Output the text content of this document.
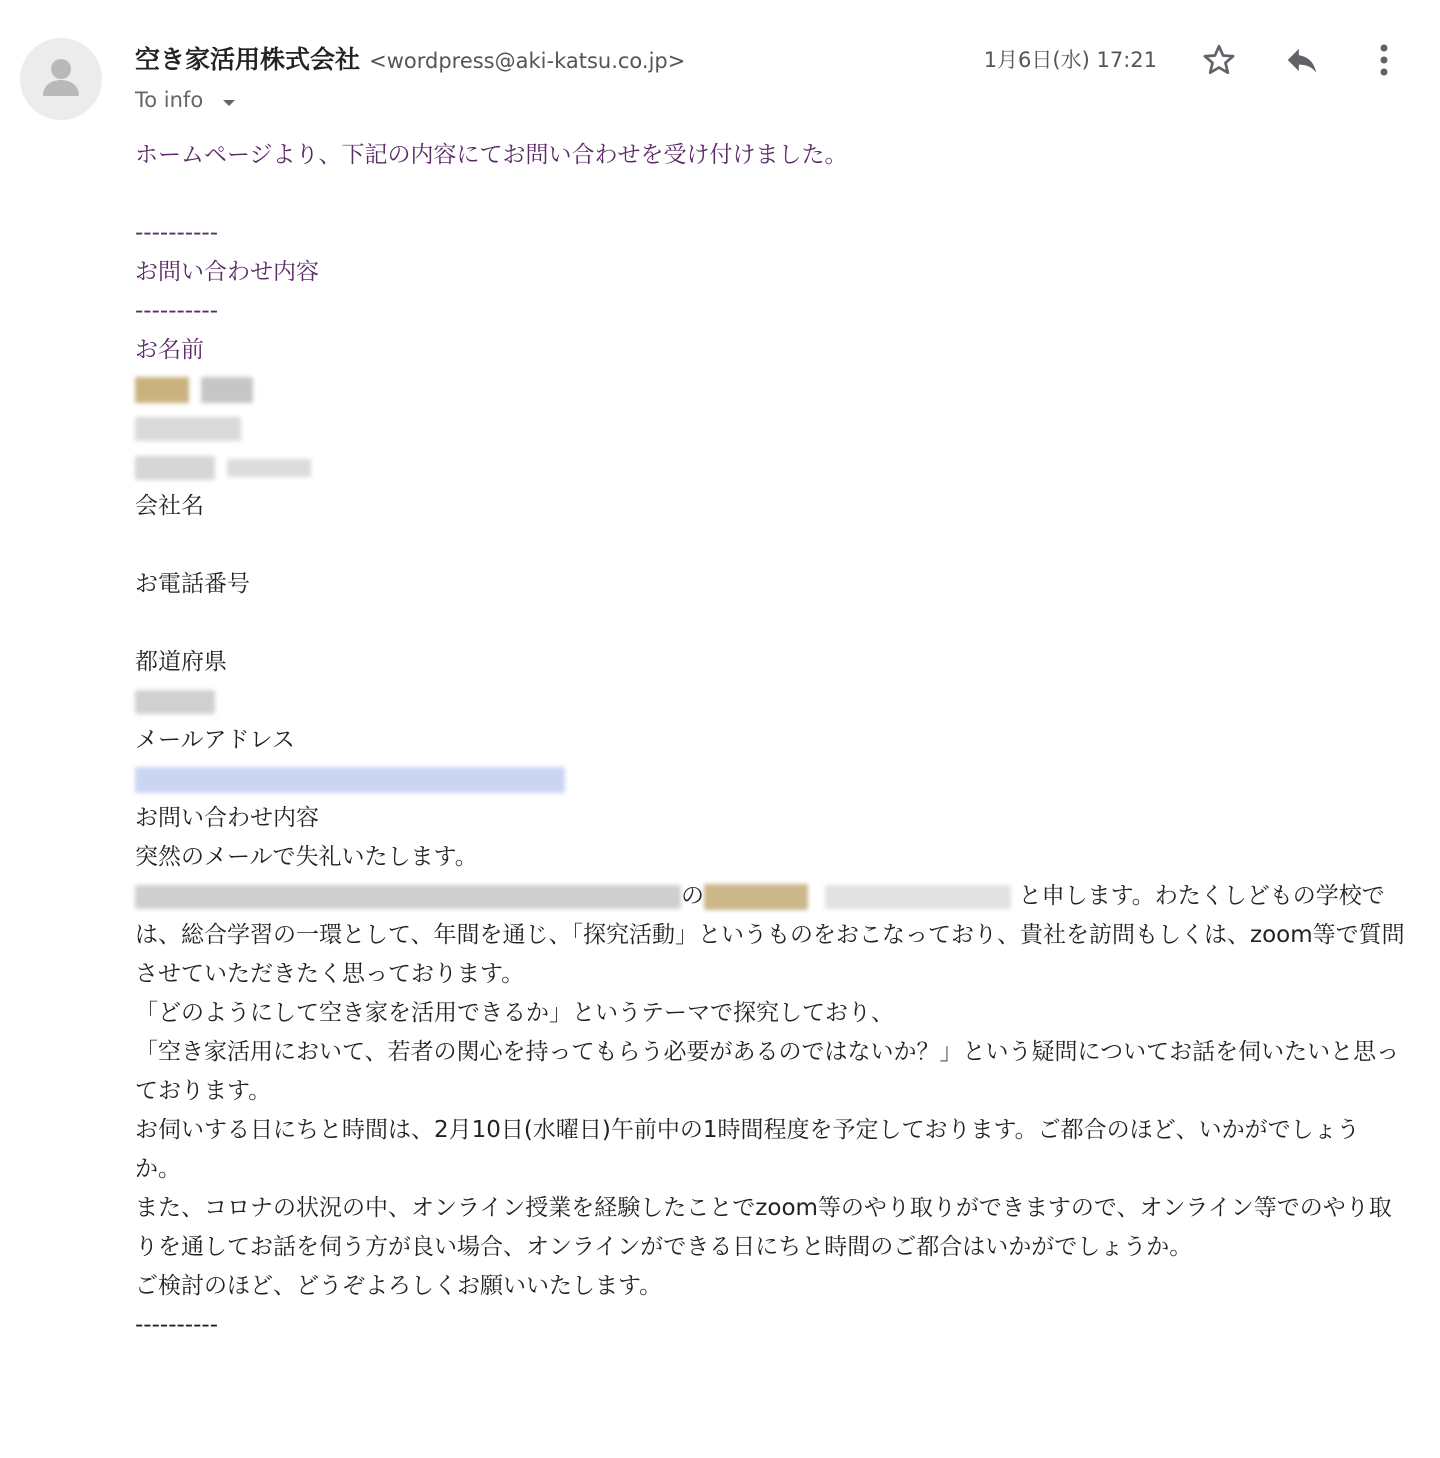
空き家活用株式会社 <wordpress@aki-katsu.co.jp>
To info
1月6日(水) 17:21
ホームページより、下記の内容にてお問い合わせを受け付けました。
----------
お問い合わせ内容
----------
お名前
会社名
お電話番号
都道府県
メールアドレス
お問い合わせ内容
突然のメールで失礼いたします。
の	と申します。わたくしどもの学校では、総合学習の一環として、年間を通じ、「探究活動」というものをおこなっており、貴社を訪問もしくは、zoom等で質問させていただきたく思っております。
「どのようにして空き家を活用できるか」というテーマで探究しており、
「空き家活用において、若者の関心を持ってもらう必要があるのではないか？」という疑問についてお話を伺いたいと思っております。
お伺いする日にちと時間は、2月10日(水曜日)午前中の1時間程度を予定しております。ご都合のほど、いかがでしょうか。
また、コロナの状況の中、オンライン授業を経験したことでzoom等のやり取りができますので、オンライン等でのやり取りを通してお話を伺う方が良い場合、オンラインができる日にちと時間のご都合はいかがでしょうか。
ご検討のほど、どうぞよろしくお願いいたします。
----------
